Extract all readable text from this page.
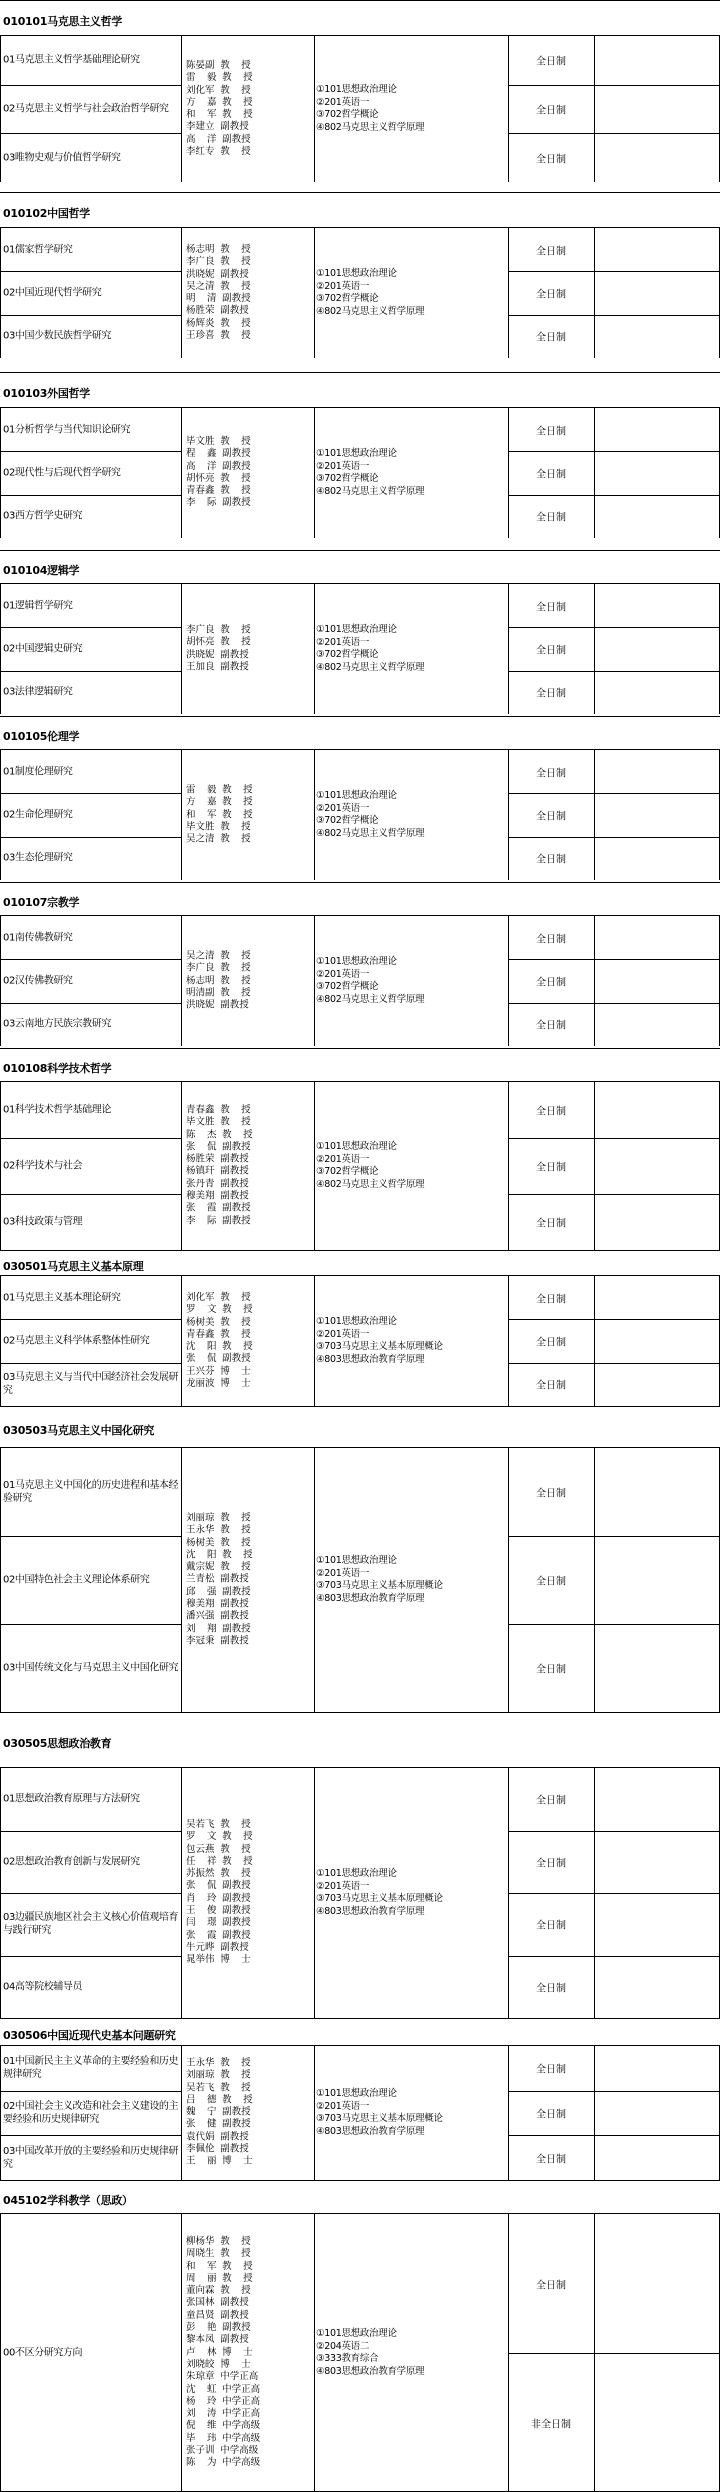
010101马克思主义哲学
01马克思主义哲学基础理论研究
02马克思主义哲学与社会政治哲学研究
03唯物史观与价值哲学研究
陈晏副 教  授
雷  毅 教  授
刘化军 教  授
方  嘉 教  授
和  军 教  授
李建立 副教授
高  洋 副教授
李红专 教  授
①101思想政治理论
②201英语一
③702哲学概论
④802马克思主义哲学原理
全日制
全日制
全日制
010102中国哲学
01儒家哲学研究
02中国近现代哲学研究
03中国少数民族哲学研究
杨志明 教  授
李广良 教  授
洪晓妮 副教授
吴之清 教  授
明  清 副教授
杨胜荣 副教授
杨辉炎 教  授
王珍喜 教  授
①101思想政治理论
②201英语一
③702哲学概论
④802马克思主义哲学原理
全日制
全日制
全日制
010103外国哲学
01分析哲学与当代知识论研究
02现代性与后现代哲学研究
03西方哲学史研究
毕文胜 教  授
程  鑫 副教授
高  洋 副教授
胡怀亮 教  授
青春鑫 教  授
李  际 副教授
①101思想政治理论
②201英语一
③702哲学概论
④802马克思主义哲学原理
全日制
全日制
全日制
010104逻辑学
01逻辑哲学研究
02中国逻辑史研究
03法律逻辑研究
李广良 教  授
胡怀亮 教  授
洪晓妮 副教授
王加良 副教授
①101思想政治理论
②201英语一
③702哲学概论
④802马克思主义哲学原理
全日制
全日制
全日制
010105伦理学
01制度伦理研究
02生命伦理研究
03生态伦理研究
雷  毅 教  授
方  嘉 教  授
和  军 教  授
毕文胜 教  授
吴之清 教  授
①101思想政治理论
②201英语一
③702哲学概论
④802马克思主义哲学原理
全日制
全日制
全日制
010107宗教学
01南传佛教研究
02汉传佛教研究
03云南地方民族宗教研究
吴之清 教  授
李广良 教  授
杨志明 教  授
明清副 教  授
洪晓妮 副教授
①101思想政治理论
②201英语一
③702哲学概论
④802马克思主义哲学原理
全日制
全日制
全日制
010108科学技术哲学
01科学技术哲学基础理论
02科学技术与社会
03科技政策与管理
青春鑫 教  授
毕文胜 教  授
陈  杰 教  授
张  侃 副教授
杨胜荣 副教授
杨镇玕 副教授
张丹青 副教授
穆美翔 副教授
张  霞 副教授
李  际 副教授
①101思想政治理论
②201英语一
③702哲学概论
④802马克思主义哲学原理
全日制
全日制
全日制
030501马克思主义基本原理
01马克思主义基本理论研究
02马克思主义科学体系整体性研究
03马克思主义与当代中国经济社会发展研究
刘化军 教  授
罗  文 教  授
杨树美 教  授
青春鑫 教  授
沈  阳 教  授
张  侃 副教授
王兴芬 博  士
龙丽波 博  士
①101思想政治理论
②201英语一
③703马克思主义基本原理概论
④803思想政治教育学原理
全日制
全日制
全日制
030503马克思主义中国化研究
01马克思主义中国化的历史进程和基本经验研究
02中国特色社会主义理论体系研究
03中国传统文化与马克思主义中国化研究
刘丽琼 教  授
王永华 教  授
杨树美 教  授
沈  阳 教  授
戴宗妮 教  授
兰青松 副教授
邱  强 副教授
穆美翔 副教授
潘兴强 副教授
刘  翔 副教授
李冠秉 副教授
①101思想政治理论
②201英语一
③703马克思主义基本原理概论
④803思想政治教育学原理
全日制
全日制
全日制
030505思想政治教育
01思想政治教育原理与方法研究
02思想政治教育创新与发展研究
03边疆民族地区社会主义核心价值观培育与践行研究
04高等院校辅导员
吴若飞 教  授
罗  文 教  授
包云燕 教  授
任  祥 教  授
苏振然 教  授
张  侃 副教授
肖  玲 副教授
王  俊 副教授
闫  璟 副教授
张  霞 副教授
牛元晔 副教授
晁举伟 博  士
①101思想政治理论
②201英语一
③703马克思主义基本原理概论
④803思想政治教育学原理
全日制
全日制
全日制
全日制
030506中国近现代史基本问题研究
01中国新民主主义革命的主要经验和历史规律研究
02中国社会主义改造和社会主义建设的主要经验和历史规律研究
03中国改革开放的主要经验和历史规律研究
王永华 教  授
刘丽琼 教  授
吴若飞 教  授
吕  德 教  授
魏  宁 副教授
张  健 副教授
袁代娟 副教授
李佩伦 副教授
王  丽 博  士
①101思想政治理论
②201英语一
③703马克思主义基本原理概论
④803思想政治教育学原理
全日制
全日制
全日制
045102学科教学（思政）
00不区分研究方向
柳杨华 教  授
周晓生 教  授
和  军 教  授
周  丽 教  授
董向霖 教  授
张国林 副教授
童昌贤 副教授
彭  艳 副教授
黎本凤 副教授
卢  林 博  士
刘晓皎 博  士
朱琼章 中学正高
沈  虹 中学正高
杨  玲 中学正高
刘  涛 中学正高
倪  维 中学高级
毕  玮 中学高级
张子训 中学高级
陈  为 中学高级
①101思想政治理论
②204英语二
③333教育综合
④803思想政治教育学原理
全日制
非全日制
